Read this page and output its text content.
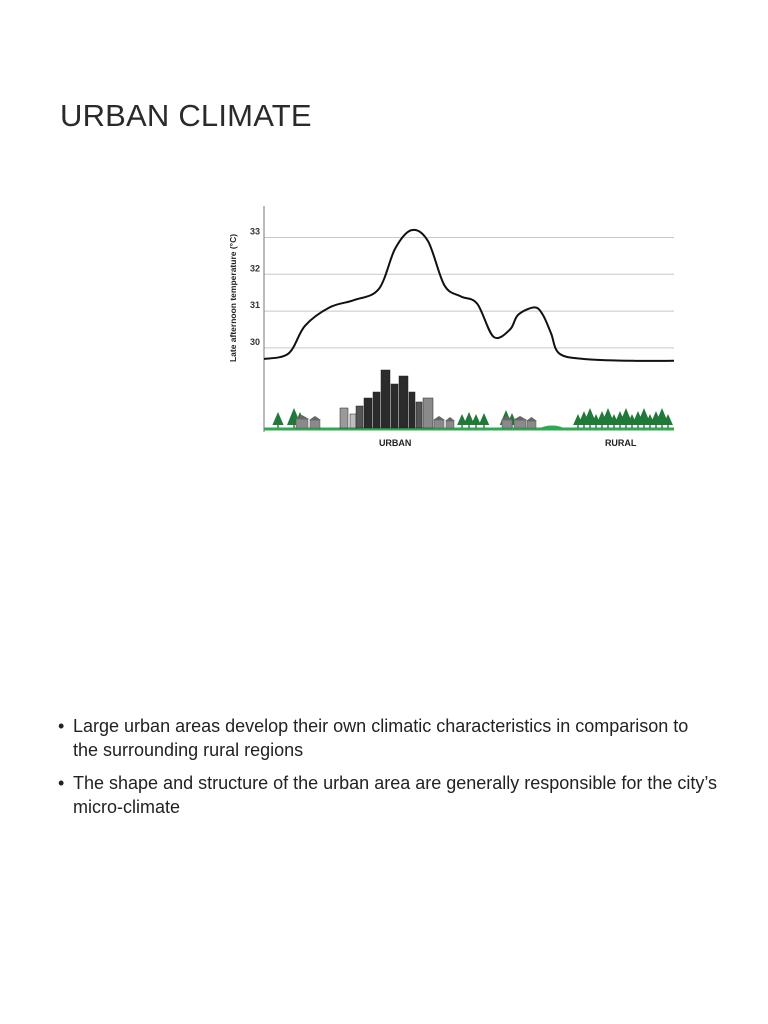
URBAN CLIMATE
30
31
32
33
Late afternoon temperature (°C)
URBAN	RURAL
• Large urban areas develop their own climatic characteristics in comparison to the surrounding rural regions
• The shape and structure of the urban area are generally responsible for the city’s micro-climate
